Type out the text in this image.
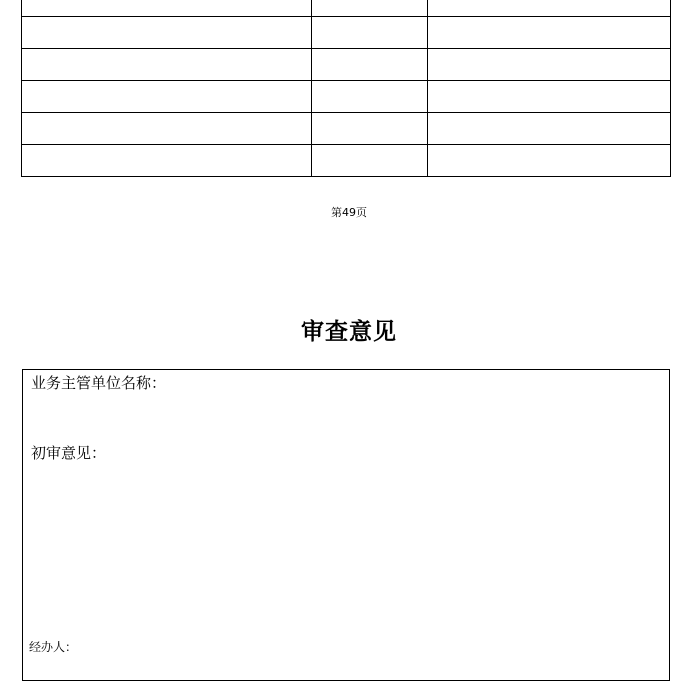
第49页
审查意见
业务主管单位名称：
初审意见：
经办人：
